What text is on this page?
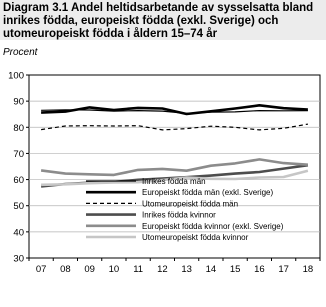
Diagram 3.1 Andel heltidsarbetande av sysselsatta bland

inrikes födda, europeiskt födda (exkl. Sverige) och

utomeuropeiskt födda i åldern 15–74 år

Procent

30
40
50
60
70
80
90
100
07 08 09 10 11 12 13 14 15 16 17 18
Inrikes födda män
Europeiskt födda män (exkl. Sverige)
Utomeuropeiskt födda män
Inrikes födda kvinnor
Europeiskt födda kvinnor (exkl. Sverige)
Utomeuropeiskt födda kvinnor
